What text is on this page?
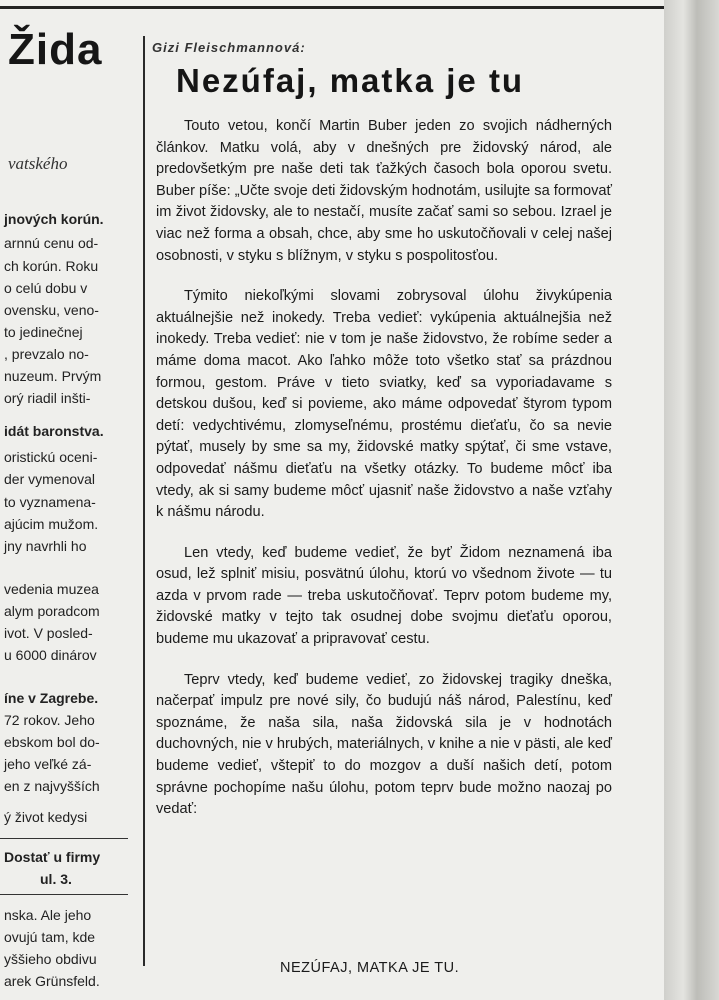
Žida
vatského
jnových korún.
arnnú cenu od-
ch korún. Roku
o celú dobu v
ovensku, veno-
to jedinečnej
, prevzalo no-
nuzeum. Prvým
orý riadil inšti-
idát baronstva.
oristickú oceni-
der vymenoval
to vyznamena-
ajúcim mužom.
jny navrhli ho
vedenia muzea
alym poradcom
ivot. V posled-
u 6000 dinárov
íne v Zagrebe.
72 rokov. Jeho
ebskom bol do-
jeho veľké zá-
en z najvyšších
ý život kedysi
Dostať u firmy
ul. 3.
nska. Ale jeho
ovujú tam, kde
yššieho obdivu
arek Grünsfeld.
Gizi Fleischmannová:
Nezúfaj, matka je tu

Touto vetou, končí Martin Buber jeden zo svojich nádherných článkov. Matku volá, aby v dnešných pre židovský národ, ale predovšetkým pre naše deti tak ťažkých časoch bola oporou svetu. Buber píše: „Učte svoje deti židovským hodnotám, usilujte sa formovať im život židovsky, ale to nestačí, musíte začať sami so sebou. Izrael je viac než forma a obsah, chce, aby sme ho uskutočňovali v celej našej osobnosti, v styku s blížnym, v styku s pospolitosťou.

Týmito niekoľkými slovami zobrysoval úlohu živykúpenia aktuálnejšie než inokedy. Treba vedieť: vykúpenia aktuálnejšia než inokedy. Treba vedieť: nie v tom je naše židovstvo, že robíme seder a máme doma macot. Ako ľahko môže toto všetko stať sa prázdnou formou, gestom. Práve v tieto sviatky, keď sa vyporiadavame s detskou dušou, keď si povieme, ako máme odpovedať štyrom typom detí: vedychtivému, zlomyseľnému, prostému dieťaťu, čo sa nevie pýtať, musely by sme sa my, židovské matky spýtať, či sme vstave, odpovedať nášmu dieťaťu na všetky otázky. To budeme môcť iba vtedy, ak si samy budeme môcť ujasniť naše židovstvo a naše vzťahy k nášmu národu.

Len vtedy, keď budeme vedieť, že byť Židom neznamená iba osud, lež splniť misiu, posvätnú úlohu, ktorú vo všednom živote — tu azda v prvom rade — treba uskutočňovať. Teprv potom budeme my, židovské matky v tejto tak osudnej dobe svojmu dieťaťu oporou, budeme mu ukazovať a pripravovať cestu.

Teprv vtedy, keď budeme vedieť, zo židovskej tragiky dneška, načerpať impulz pre nové sily, čo budujú náš národ, Palestínu, keď spoznáme, že naša sila, naša židovská sila je v hodnotách duchovných, nie v hrubých, materiálnych, v knihe a nie v pästi, ale keď budeme vedieť, vštepiť to do mozgov a duší našich detí, potom správne pochopíme našu úlohu, potom teprv bude možno naozaj po vedať:

NEZÚFAJ, MATKA JE TU.
